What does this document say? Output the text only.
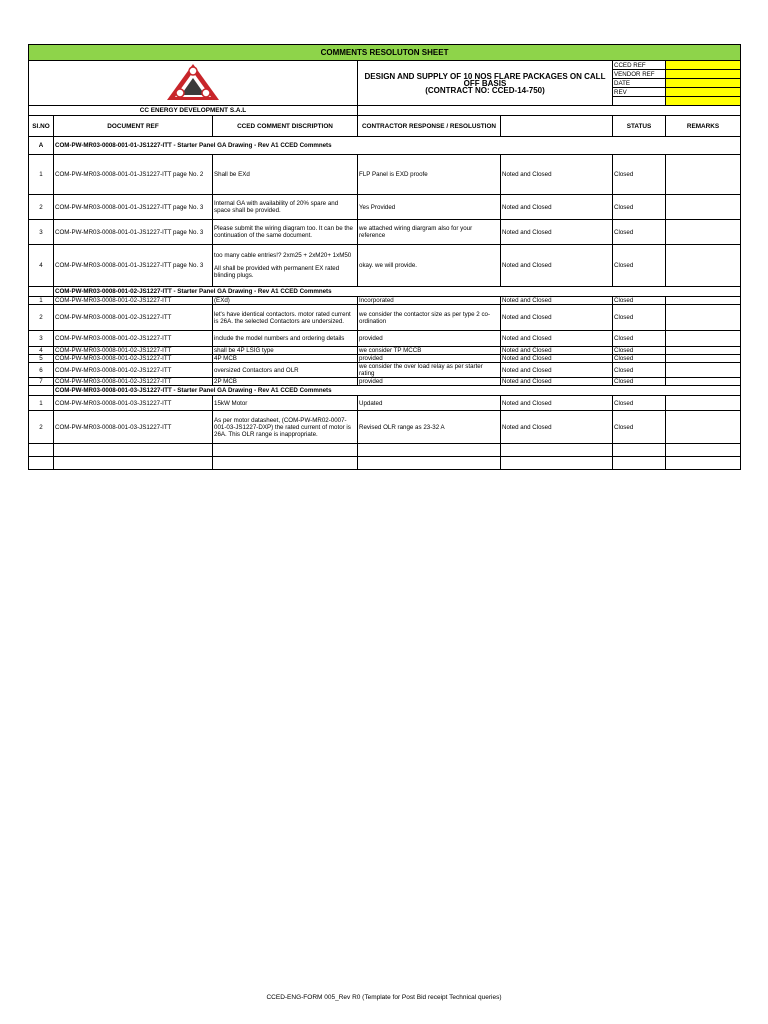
COMMENTS RESOLUTON SHEET						

DESIGN AND SUPPLY OF 10 NOS FLARE PACKAGES ON CALL OFF BASIS
(CONTRACT NO: CCED-14-750)		CCED REF	
					VENDOR REF	
					DATE	
					REV	

CC ENERGY DEVELOPMENT S.A.L						
Sl.NO	DOCUMENT REF	CCED COMMENT DISCRIPTION	CONTRACTOR RESPONSE / RESOLUSTION		STATUS	REMARKS
A	COM-PW-MR03-0008-001-01-JS1227-ITT - Starter Panel GA Drawing - Rev A1 CCED Commnets					
1	COM-PW-MR03-0008-001-01-JS1227-ITT page No. 2	Shall be EXd	FLP Panel is EXD proofe	Noted and Closed	Closed	
2	COM-PW-MR03-0008-001-01-JS1227-ITT page No. 3	Internal GA with availability of 20% spare and space shall be provided.	Yes Provided	Noted and Closed	Closed	
3	COM-PW-MR03-0008-001-01-JS1227-ITT page No. 3	Please submit the wiring diagram too. It can be the continuation of the same document.	we attached wiring diargram also for your reference	Noted and Closed	Closed	
4	COM-PW-MR03-0008-001-01-JS1227-ITT page No. 3	too many cable entries!? 2xm25 + 2xM20+ 1xM50
All shall be provided with permanent EX rated blinding plugs.	okay. we will provide.	Noted and Closed	Closed	
	COM-PW-MR03-0008-001-02-JS1227-ITT - Starter Panel GA Drawing - Rev A1 CCED Commnets					
1	COM-PW-MR03-0008-001-02-JS1227-ITT	(EXd)	Incorporated	Noted and Closed	Closed	
2	COM-PW-MR03-0008-001-02-JS1227-ITT	let's have identical contactors. motor rated current is 26A. the selected Contactors are undersized.	we consider the contactor size as per type 2 co-ordination	Noted and Closed	Closed	
3	COM-PW-MR03-0008-001-02-JS1227-ITT	include the model numbers and ordering details	provided	Noted and Closed	Closed	
4	COM-PW-MR03-0008-001-02-JS1227-ITT	shall be 4P LSIG type	we consider TP MCCB	Noted and Closed	Closed	
5	COM-PW-MR03-0008-001-02-JS1227-ITT	4P MCB	provided	Noted and Closed	Closed	
6	COM-PW-MR03-0008-001-02-JS1227-ITT	oversized Contactors and OLR	we consider the over load relay as per starter rating	Noted and Closed	Closed	
7	COM-PW-MR03-0008-001-02-JS1227-ITT	2P MCB	provided	Noted and Closed	Closed	
	COM-PW-MR03-0008-001-03-JS1227-ITT - Starter Panel GA Drawing - Rev A1 CCED Commnets					
1	COM-PW-MR03-0008-001-03-JS1227-ITT	15kW Motor	Updated	Noted and Closed	Closed	
2	COM-PW-MR03-0008-001-03-JS1227-ITT	As per motor datasheet, (COM-PW-MR02-0007-001-03-JS1227-DXP) the rated current of motor is 26A. This OLR range is inappropriate.	Revised OLR range as 23-32 A	Noted and Closed	Closed	

CCED-ENG-FORM 005_Rev R0 (Template for Post Bid receipt Technical queries)
